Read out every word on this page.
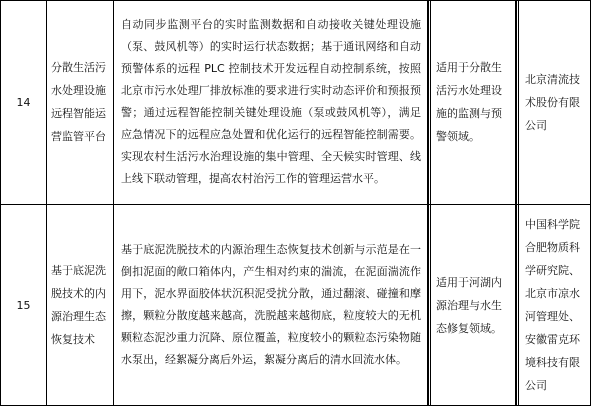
14
分散生活污水处理设施远程智能运营监管平台
自动同步监测平台的实时监测数据和自动接收关键处理设施（泵、鼓风机等）的实时运行状态数据；基于通讯网络和自动预警体系的远程 PLC 控制技术开发远程自动控制系统，按照北京市污水处理厂排放标准的要求进行实时动态评价和预报预警；通过远程智能控制关键处理设施（泵或鼓风机等），满足应急情况下的远程应急处置和优化运行的远程智能控制需要。实现农村生活污水治理设施的集中管理、全天候实时管理、线上线下联动管理，提高农村治污工作的管理运营水平。
适用于分散生活污水处理设施的监测与预警领域。
北京清流技术股份有限公司
15
基于底泥洗脱技术的内源治理生态恢复技术
基于底泥洗脱技术的内源治理生态恢复技术创新与示范是在一倒扣泥面的敞口箱体内，产生相对约束的湍流，在泥面湍流作用下，泥水界面胶体状沉积泥受扰分散，通过翻滚、碰撞和摩擦，颗粒分散度越来越高，洗脱越来越彻底，粒度较大的无机颗粒态泥沙重力沉降、原位覆盖，粒度较小的颗粒态污染物随水泵出，经絮凝分离后外运，絮凝分离后的清水回流水体。
适用于河湖内源治理与水生态修复领域。
中国科学院合肥物质科学研究院、北京市凉水河管理处、安徽雷克环境科技有限公司
